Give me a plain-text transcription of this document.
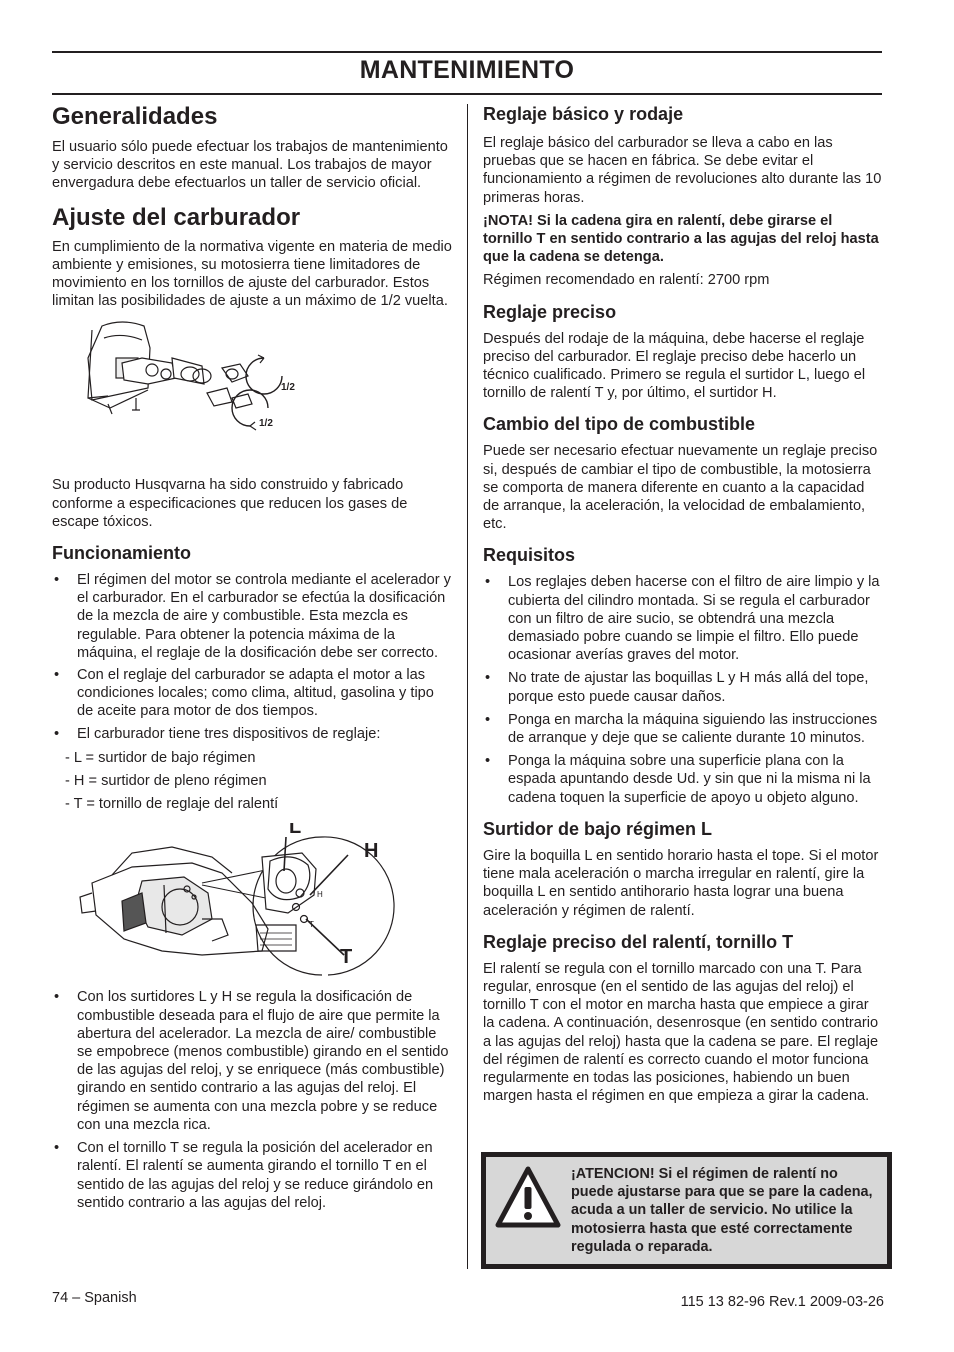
MANTENIMIENTO
Generalidades

El usuario sólo puede efectuar los trabajos de mantenimiento y servicio descritos en este manual. Los trabajos de mayor envergadura debe efectuarlos un taller de servicio oficial.

Ajuste del carburador

En cumplimiento de la normativa vigente en materia de medio ambiente y emisiones, su motosierra tiene limitadores de movimiento en los tornillos de ajuste del carburador. Estos limitan las posibilidades de ajuste a un máximo de 1/2 vuelta.

1/2
1/2

Su producto Husqvarna ha sido construido y fabricado conforme a especificaciones que reducen los gases de escape tóxicos.

Funcionamiento
• El régimen del motor se controla mediante el acelerador y el carburador. En el carburador se efectúa la dosificación de la mezcla de aire y combustible. Esta mezcla es regulable. Para obtener la potencia máxima de la máquina, el reglaje de la dosificación debe ser correcto.
• Con el reglaje del carburador se adapta el motor a las condiciones locales; como clima, altitud, gasolina y tipo de aceite para motor de dos tiempos.
• El carburador tiene tres dispositivos de reglaje:
- L = surtidor de bajo régimen
- H = surtidor de pleno régimen
- T = tornillo de reglaje del ralentí
L
H
T
H
T
• Con los surtidores L y H se regula la dosificación de combustible deseada para el flujo de aire que permite la abertura del acelerador. La mezcla de aire/ combustible se empobrece (menos combustible) girando en el sentido de las agujas del reloj, y se enriquece (más combustible) girando en sentido contrario a las agujas del reloj. El régimen se aumenta con una mezcla pobre y se reduce con una mezcla rica.
• Con el tornillo T se regula la posición del acelerador en ralentí. El ralentí se aumenta girando el tornillo T en el sentido de las agujas del reloj y se reduce girándolo en sentido contrario a las agujas del reloj.
Reglaje básico y rodaje

El reglaje básico del carburador se lleva a cabo en las pruebas que se hacen en fábrica. Se debe evitar el funcionamiento a régimen de revoluciones alto durante las 10 primeras horas.

¡NOTA! Si la cadena gira en ralentí, debe girarse el tornillo T en sentido contrario a las agujas del reloj hasta que la cadena se detenga.

Régimen recomendado en ralentí: 2700 rpm

Reglaje preciso

Después del rodaje de la máquina, debe hacerse el reglaje preciso del carburador. El reglaje preciso debe hacerlo un técnico cualificado. Primero se regula el surtidor L, luego el tornillo de ralentí T y, por último, el surtidor H.

Cambio del tipo de combustible

Puede ser necesario efectuar nuevamente un reglaje preciso si, después de cambiar el tipo de combustible, la motosierra se comporta de manera diferente en cuanto a la capacidad de arranque, la aceleración, la velocidad de embalamiento, etc.

Requisitos
• Los reglajes deben hacerse con el filtro de aire limpio y la cubierta del cilindro montada. Si se regula el carburador con un filtro de aire sucio, se obtendrá una mezcla demasiado pobre cuando se limpie el filtro. Ello puede ocasionar averías graves del motor.
• No trate de ajustar las boquillas L y H más allá del tope, porque esto puede causar daños.
• Ponga en marcha la máquina siguiendo las instrucciones de arranque y deje que se caliente durante 10 minutos.
• Ponga la máquina sobre una superficie plana con la espada apuntando desde Ud. y sin que ni la misma ni la cadena toquen la superficie de apoyo u objeto alguno.
Surtidor de bajo régimen L

Gire la boquilla L en sentido horario hasta el tope. Si el motor tiene mala aceleración o marcha irregular en ralentí, gire la boquilla L en sentido antihorario hasta lograr una buena aceleración y régimen de ralentí.

Reglaje preciso del ralentí, tornillo T

El ralentí se regula con el tornillo marcado con una T. Para regular, enrosque (en el sentido de las agujas del reloj) el tornillo T con el motor en marcha hasta que empiece a girar la cadena. A continuación, desenrosque (en sentido contrario a las agujas del reloj) hasta que la cadena se pare. El reglaje del régimen de ralentí es correcto cuando el motor funciona regularmente en todas las posiciones, habiendo un buen margen hasta el régimen en que empieza a girar la cadena.

¡ATENCION! Si el régimen de ralentí no puede ajustarse para que se pare la cadena, acuda a un taller de servicio. No utilice la motosierra hasta que esté correctamente regulada o reparada.
74 – Spanish	115 13 82-96 Rev.1 2009-03-26
